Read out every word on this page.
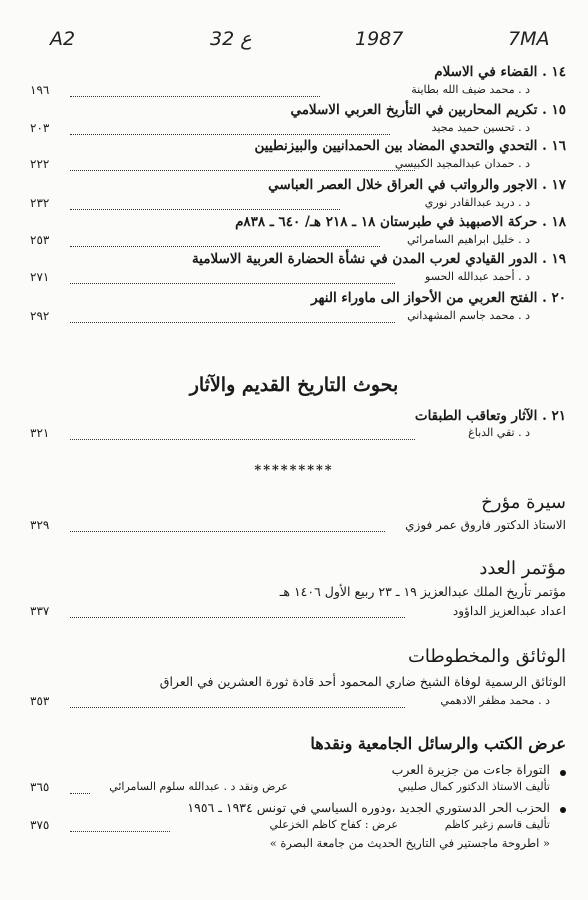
A2	32 ع	1987	7MA
١٤ . القضاء في الاسلام
د . محمد ضيف الله بطاينة
١٩٦
١٥ . تكريم المحاربين في التأريخ العربي الاسلامي
د . تحسين حميد مجيد
٢٠٣
١٦ . التحدي والتحدي المضاد بين الحمدانيين والبيزنطيين
د . حمدان عبدالمجيد الكبيسي
٢٢٢
١٧ . الاجور والرواتب في العراق خلال العصر العباسي
د . دريد عبدالقادر نوري
٢٣٢
١٨ . حركة الاصبهبذ في طبرستان ١٨ ـ ٢١٨ هـ/ ٦٤٠ ـ ٨٣٨م
د . خليل ابراهيم السامرائي
٢٥٣
١٩ . الدور القيادي لعرب المدن في نشأة الحضارة العربية الاسلامية
د . أحمد عبدالله الحسو
٢٧١
٢٠ . الفتح العربي من الأحواز الى ماوراء النهر
د . محمد جاسم المشهداني
٢٩٢
بحوث التاريخ القديم والآثار
٢١ . الآثار وتعاقب الطبقات
د . تقي الدباغ
٣٢١
*********
سيرة مؤرخ
الاستاذ الدكتور فاروق عمر فوزي
٣٢٩
مؤتمر العدد
مؤتمر تأريخ الملك عبدالعزيز ١٩ ـ ٢٣ ربيع الأول ١٤٠٦ هـ
اعداد عبدالعزيز الداؤود
٣٣٧
الوثائق والمخطوطات
الوثائق الرسمية لوفاة الشيخ ضاري المحمود أحد قادة ثورة العشرين في العراق
د . محمد مظفر الادهمي
٣٥٣
عرض الكتب والرسائل الجامعية ونقدها
التوراة جاءت من جزيرة العرب
تأليف الاستاذ الدكتور كمال صليبي
عرض ونقد د . عبدالله سلوم السامرائي
٣٦٥
الحزب الحر الدستوري الجديد ،ودوره السياسي في تونس ١٩٣٤ ـ ١٩٥٦
تأليف قاسم زغير كاظم
عرض : كفاح كاظم الخزعلي
٣٧٥
« اطروحة ماجستير في التاريخ الحديث من جامعة البصرة »
